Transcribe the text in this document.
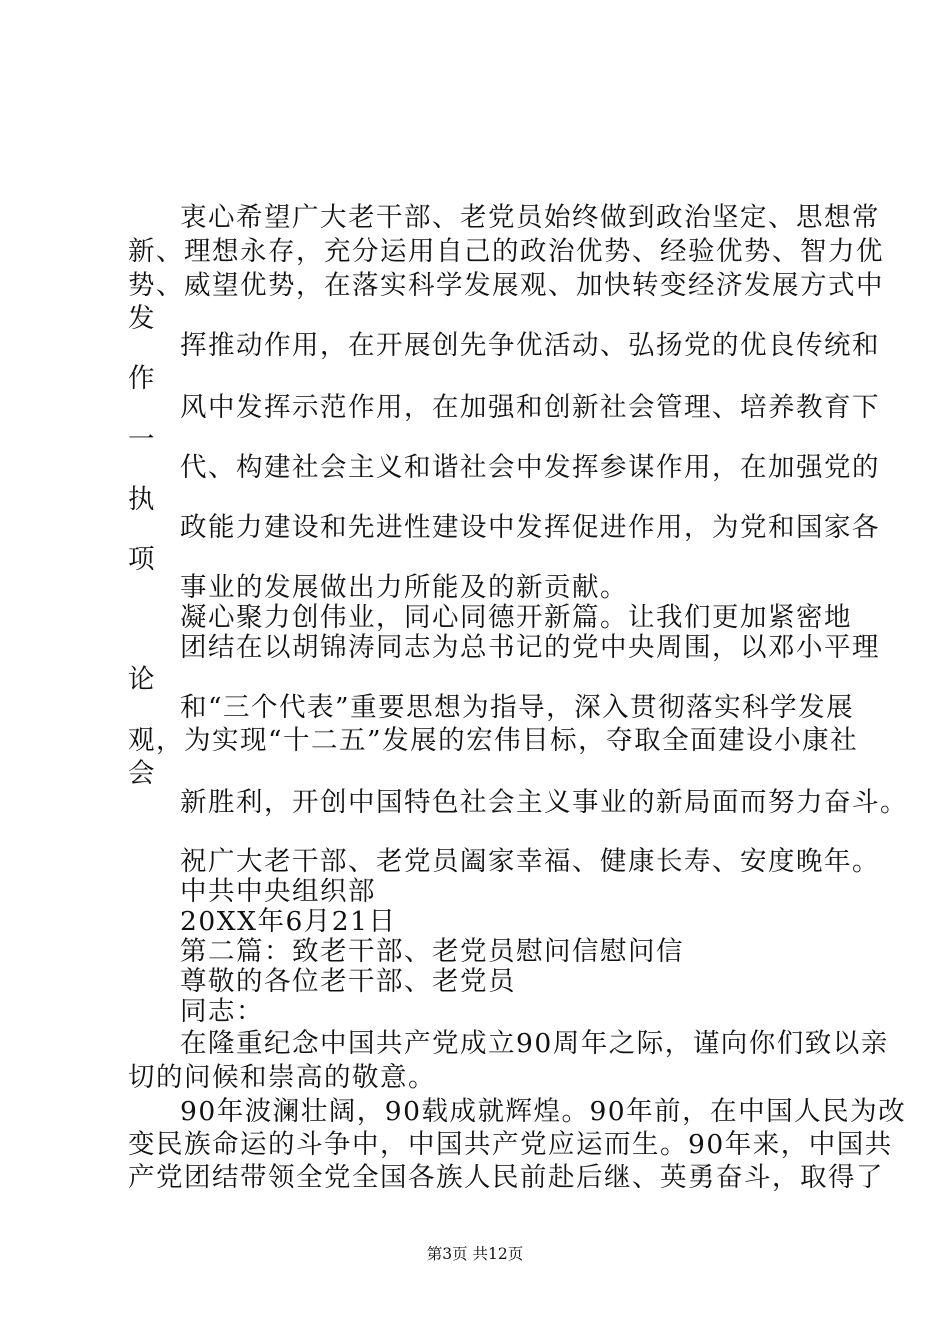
衷心希望广大老干部、老党员始终做到政治坚定、思想常
新、理想永存，充分运用自己的政治优势、经验优势、智力优
势、威望优势，在落实科学发展观、加快转变经济发展方式中
发
挥推动作用，在开展创先争优活动、弘扬党的优良传统和
作
风中发挥示范作用，在加强和创新社会管理、培养教育下
一
代、构建社会主义和谐社会中发挥参谋作用，在加强党的
执
政能力建设和先进性建设中发挥促进作用，为党和国家各
项
事业的发展做出力所能及的新贡献。
凝心聚力创伟业，同心同德开新篇。让我们更加紧密地
团结在以胡锦涛同志为总书记的党中央周围，以邓小平理
论
和“三个代表”重要思想为指导，深入贯彻落实科学发展
观，为实现“十二五”发展的宏伟目标，夺取全面建设小康社
会
新胜利，开创中国特色社会主义事业的新局面而努力奋斗。
祝广大老干部、老党员阖家幸福、健康长寿、安度晚年。
中共中央组织部
20XX年6月21日
第二篇：致老干部、老党员慰问信慰问信
尊敬的各位老干部、老党员
同志：
在隆重纪念中国共产党成立90周年之际，谨向你们致以亲
切的问候和崇高的敬意。
90年波澜壮阔，90载成就辉煌。90年前，在中国人民为改
变民族命运的斗争中，中国共产党应运而生。90年来，中国共
产党团结带领全党全国各族人民前赴后继、英勇奋斗，取得了
第3页 共12页
